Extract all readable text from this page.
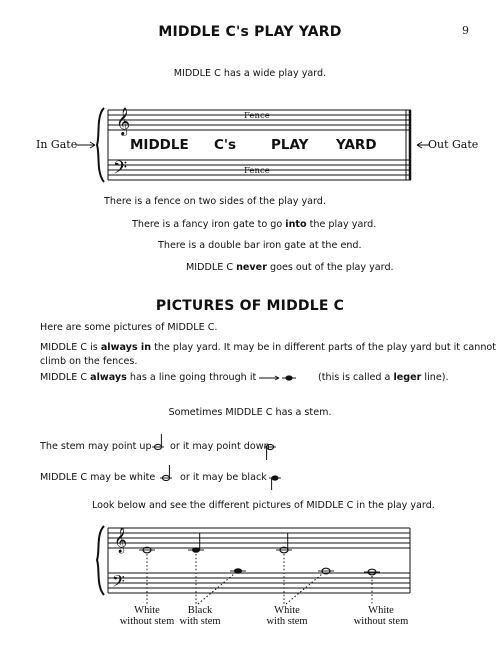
9
MIDDLE C's PLAY YARD
MIDDLE C has a wide play yard.
𝄞
𝄢
𝄞
𝄢
MIDDLE C's	PLAY YARD
Fence
Fence
In Gate	Out Gate
There is a fence on two sides of the play yard.
There is a fancy iron gate to go into the play yard.
There is a double bar iron gate at the end.
MIDDLE C never goes out of the play yard.
PICTURES OF MIDDLE C
Here are some pictures of MIDDLE C.
MIDDLE C is always in the play yard. It may be in different parts of the play yard but it cannot
climb on the fences.
MIDDLE C always has a line going through it	(this is called a leger line).
Sometimes MIDDLE C has a stem.
The stem may point up or it may point down
MIDDLE C may be white	or it may be black
Look below and see the different pictures of MIDDLE C in the play yard.
White
without stem
Black
with stem
White
with stem
White
without stem
